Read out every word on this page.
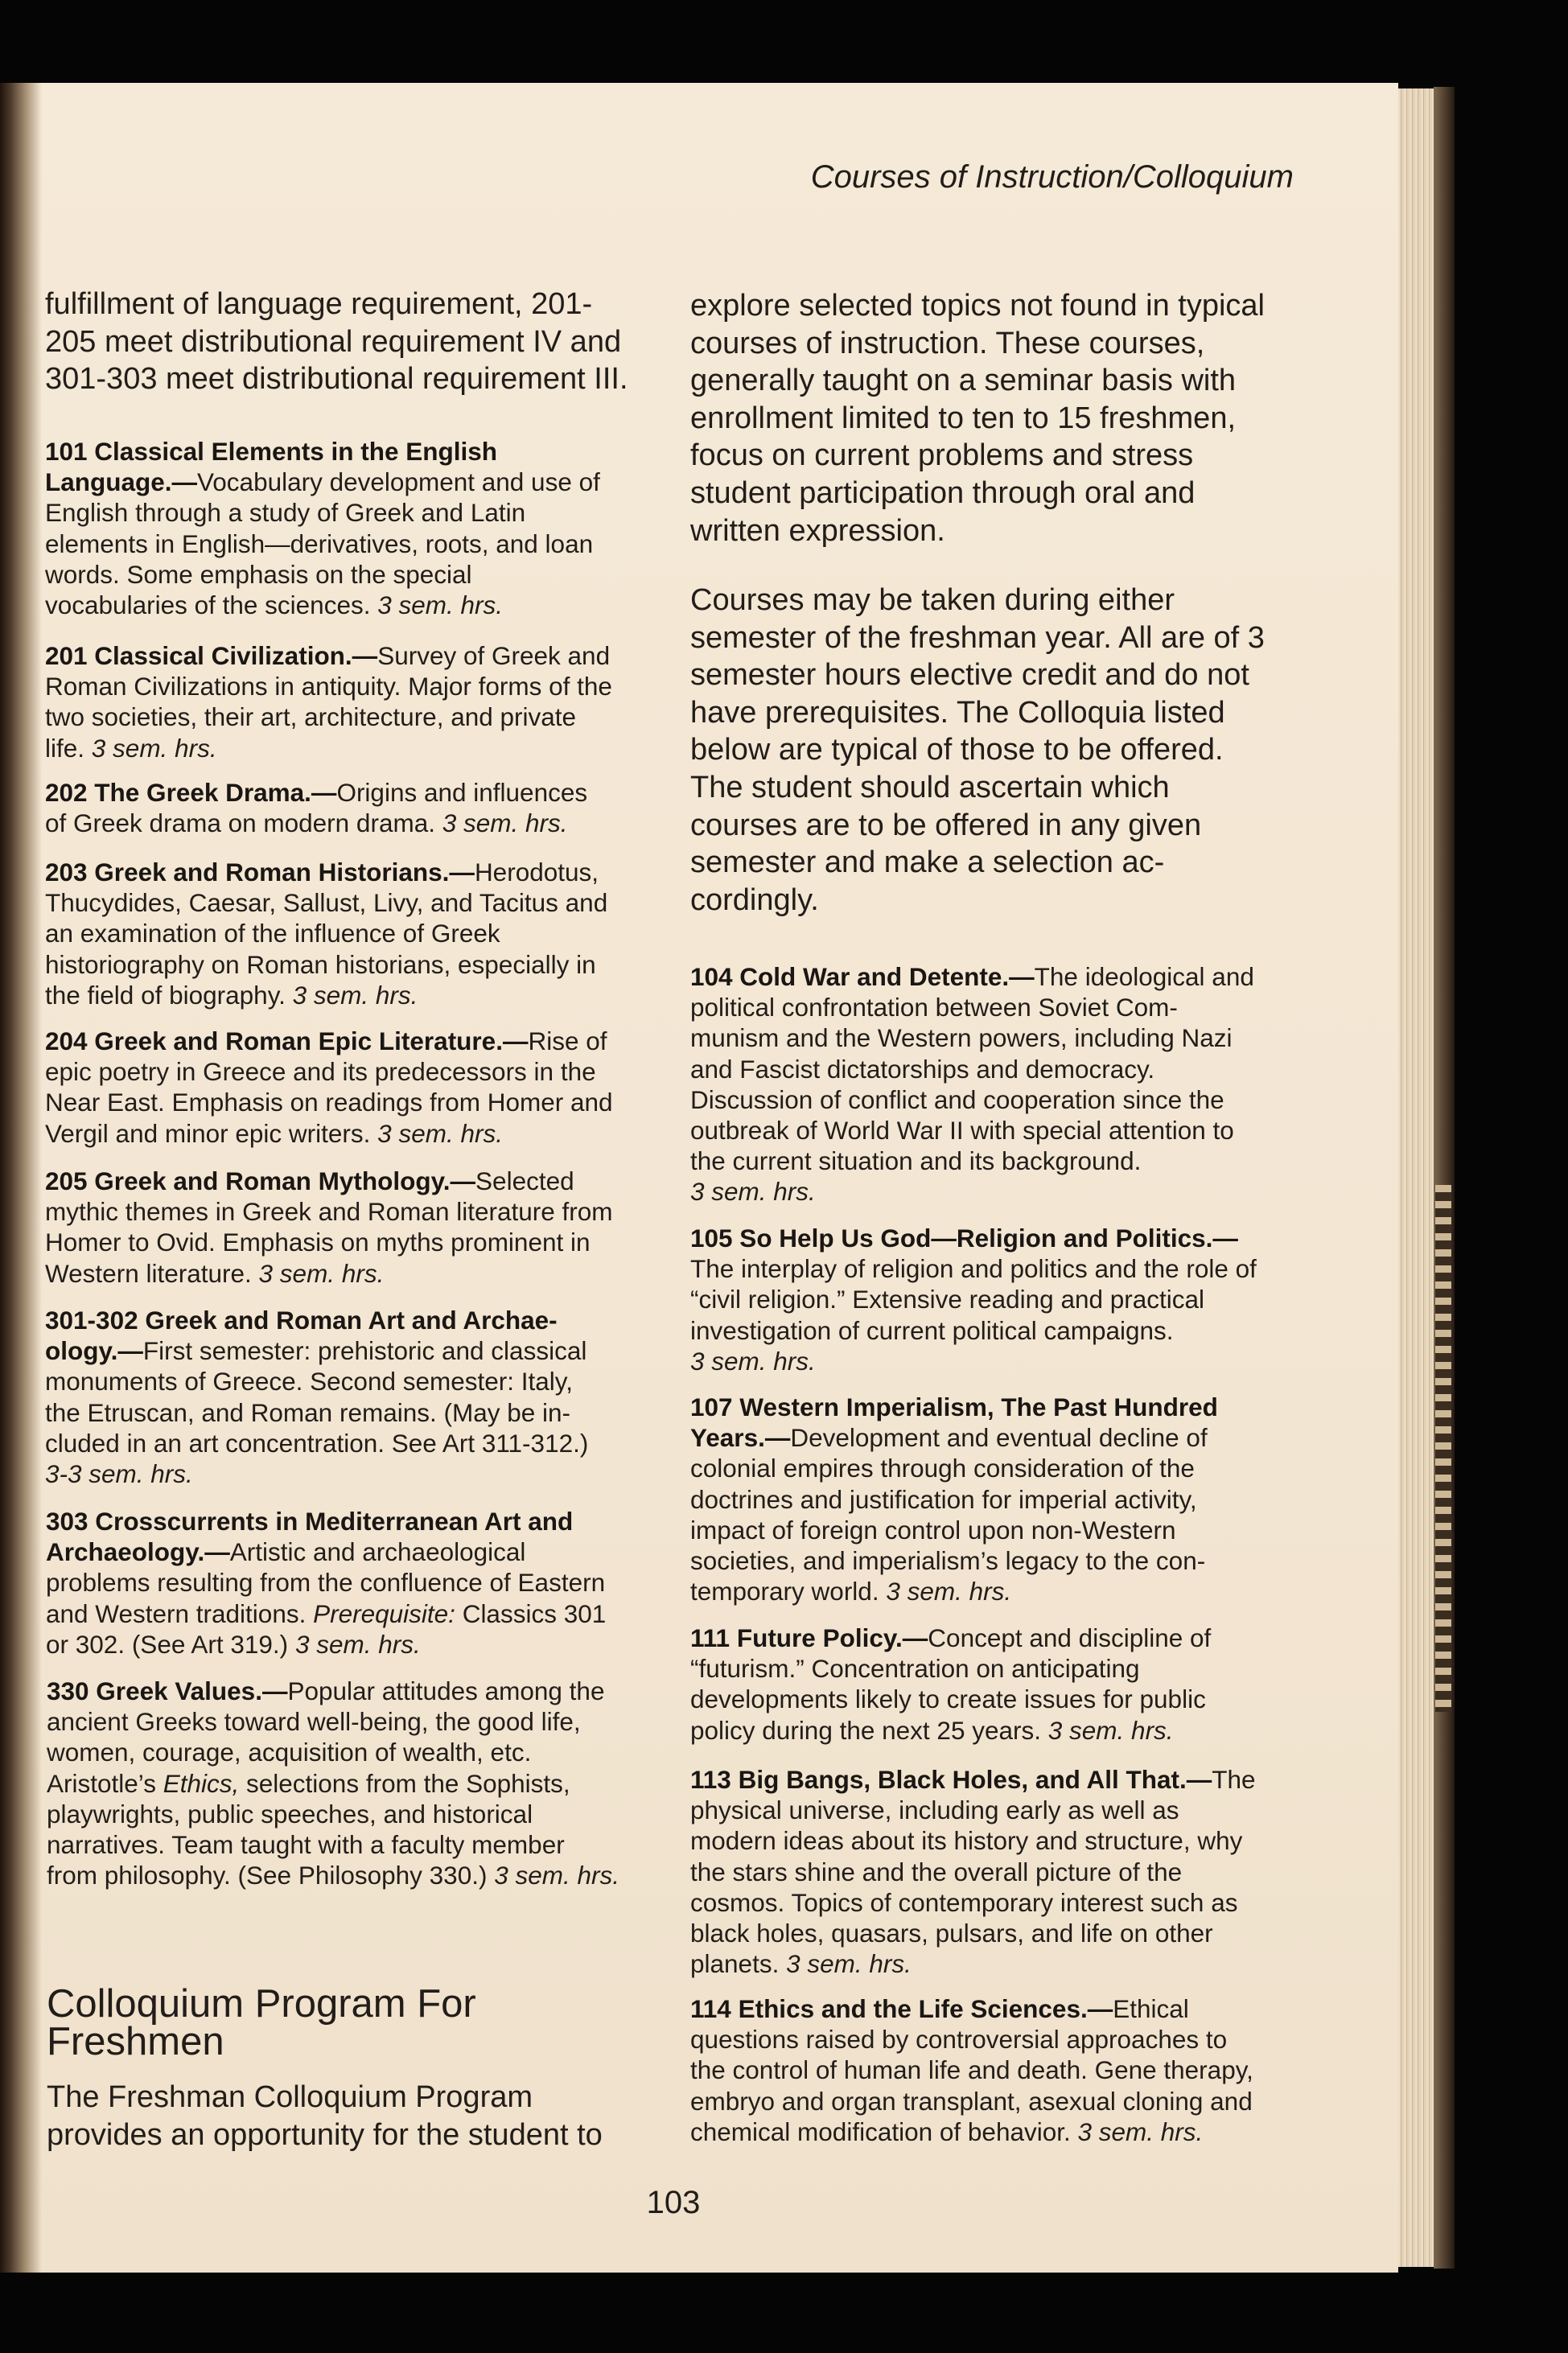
Courses of Instruction/Colloquium
fulfillment of language requirement, 201-
205 meet distributional requirement IV and
301-303 meet distributional requirement III.
101 Classical Elements in the English
Language.—Vocabulary development and use of
English through a study of Greek and Latin
elements in English—derivatives, roots, and loan
words. Some emphasis on the special
vocabularies of the sciences. 3 sem. hrs.
201 Classical Civilization.—Survey of Greek and
Roman Civilizations in antiquity. Major forms of the
two societies, their art, architecture, and private
life. 3 sem. hrs.
202 The Greek Drama.—Origins and influences
of Greek drama on modern drama. 3 sem. hrs.
203 Greek and Roman Historians.—Herodotus,
Thucydides, Caesar, Sallust, Livy, and Tacitus and
an examination of the influence of Greek
historiography on Roman historians, especially in
the field of biography. 3 sem. hrs.
204 Greek and Roman Epic Literature.—Rise of
epic poetry in Greece and its predecessors in the
Near East. Emphasis on readings from Homer and
Vergil and minor epic writers. 3 sem. hrs.
205 Greek and Roman Mythology.—Selected
mythic themes in Greek and Roman literature from
Homer to Ovid. Emphasis on myths prominent in
Western literature. 3 sem. hrs.
301-302 Greek and Roman Art and Archae-
ology.—First semester: prehistoric and classical
monuments of Greece. Second semester: Italy,
the Etruscan, and Roman remains. (May be in-
cluded in an art concentration. See Art 311-312.)
3-3 sem. hrs.
303 Crosscurrents in Mediterranean Art and
Archaeology.—Artistic and archaeological
problems resulting from the confluence of Eastern
and Western traditions. Prerequisite: Classics 301
or 302. (See Art 319.) 3 sem. hrs.
330 Greek Values.—Popular attitudes among the
ancient Greeks toward well-being, the good life,
women, courage, acquisition of wealth, etc.
Aristotle’s Ethics, selections from the Sophists,
playwrights, public speeches, and historical
narratives. Team taught with a faculty member
from philosophy. (See Philosophy 330.) 3 sem. hrs.
Colloquium Program For
Freshmen
The Freshman Colloquium Program
provides an opportunity for the student to
explore selected topics not found in typical
courses of instruction. These courses,
generally taught on a seminar basis with
enrollment limited to ten to 15 freshmen,
focus on current problems and stress
student participation through oral and
written expression.
Courses may be taken during either
semester of the freshman year. All are of 3
semester hours elective credit and do not
have prerequisites. The Colloquia listed
below are typical of those to be offered.
The student should ascertain which
courses are to be offered in any given
semester and make a selection ac-
cordingly.
104 Cold War and Detente.—The ideological and
political confrontation between Soviet Com-
munism and the Western powers, including Nazi
and Fascist dictatorships and democracy.
Discussion of conflict and cooperation since the
outbreak of World War II with special attention to
the current situation and its background.
3 sem. hrs.
105 So Help Us God—Religion and Politics.—
The interplay of religion and politics and the role of
“civil religion.” Extensive reading and practical
investigation of current political campaigns.
3 sem. hrs.
107 Western Imperialism, The Past Hundred
Years.—Development and eventual decline of
colonial empires through consideration of the
doctrines and justification for imperial activity,
impact of foreign control upon non-Western
societies, and imperialism’s legacy to the con-
temporary world. 3 sem. hrs.
111 Future Policy.—Concept and discipline of
“futurism.” Concentration on anticipating
developments likely to create issues for public
policy during the next 25 years. 3 sem. hrs.
113 Big Bangs, Black Holes, and All That.—The
physical universe, including early as well as
modern ideas about its history and structure, why
the stars shine and the overall picture of the
cosmos. Topics of contemporary interest such as
black holes, quasars, pulsars, and life on other
planets. 3 sem. hrs.
114 Ethics and the Life Sciences.—Ethical
questions raised by controversial approaches to
the control of human life and death. Gene therapy,
embryo and organ transplant, asexual cloning and
chemical modification of behavior. 3 sem. hrs.
103
